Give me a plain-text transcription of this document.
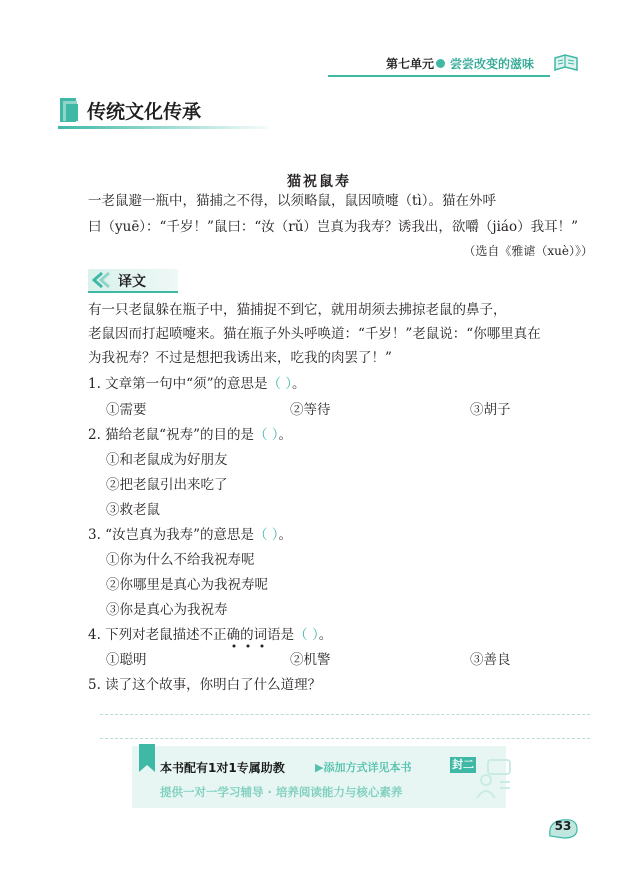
第七单元 尝尝改变的滋味
传统文化传承
猫祝鼠寿
一老鼠避一瓶中，猫捕之不得，以须略鼠，鼠因喷嚏（tì）。猫在外呼
曰（yuē）：“千岁！”鼠曰：“汝（rǔ）岂真为我寿？诱我出，欲嚼（jiáo）我耳！”
（选自《雅谑（xuè）》）
译文
有一只老鼠躲在瓶子中，猫捕捉不到它，就用胡须去拂掠老鼠的鼻子，
老鼠因而打起喷嚏来。猫在瓶子外头呼唤道：“千岁！”老鼠说：“你哪里真在
为我祝寿？不过是想把我诱出来，吃我的肉罢了！”
1. 文章第一句中“须”的意思是（ ）。
①需要	②等待	③胡子
2. 猫给老鼠“祝寿”的目的是（ ）。
①和老鼠成为好朋友
②把老鼠引出来吃了
③救老鼠
3. “汝岂真为我寿”的意思是（ ）。
①你为什么不给我祝寿呢
②你哪里是真心为我祝寿呢
③你是真心为我祝寿
4. 下列对老鼠描述不正确的词语是（ ）。
①聪明	②机警	③善良
5. 读了这个故事，你明白了什么道理？
本书配有1对1专属助教	▶添加方式详见本书	封二
提供一对一学习辅导 · 培养阅读能力与核心素养
53
